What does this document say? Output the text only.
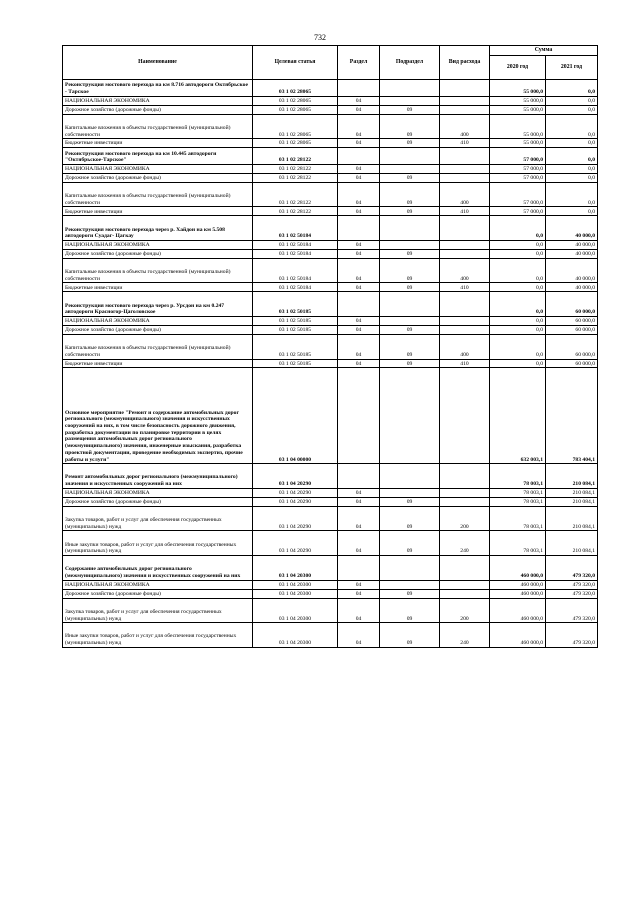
732
Наименование	Целевая статья	Раздел	Подраздел	Вид расхода	Сумма	
					2020 год	2021 год
Реконструкция мостового перехода на км 8.716 автодороги Октябрьское - Тарское	03 1 02 28065				55 000,0	0,0
НАЦИОНАЛЬНАЯ ЭКОНОМИКА	03 1 02 28065	04			55 000,0	0,0
Дорожное хозяйство (дорожные фонды)	03 1 02 28065	04	09		55 000,0	0,0
Капитальные вложения в объекты государственной (муниципальной) собственности	03 1 02 28065	04	09	400	55 000,0	0,0
Бюджетные инвестиции	03 1 02 28065	04	09	410	55 000,0	0,0
Реконструкция мостового перехода на км 10.445 автодороги "Октябрьское-Тарское"	03 1 02 28122				57 000,0	0,0
НАЦИОНАЛЬНАЯ ЭКОНОМИКА	03 1 02 28122	04			57 000,0	0,0
Дорожное хозяйство (дорожные фонды)	03 1 02 28122	04	09		57 000,0	0,0
Капитальные вложения в объекты государственной (муниципальной) собственности	03 1 02 28122	04	09	400	57 000,0	0,0
Бюджетные инвестиции	03 1 02 28122	04	09	410	57 000,0	0,0
Реконструкция мостового перехода через р. Хайдон на км 5.508 автодороги Суадаг- Цагкау	03 1 02 50184				0,0	40 000,0
НАЦИОНАЛЬНАЯ ЭКОНОМИКА	03 1 02 50184	04			0,0	40 000,0
Дорожное хозяйство (дорожные фонды)	03 1 02 50184	04	09		0,0	40 000,0
Капитальные вложения в объекты государственной (муниципальной) собственности	03 1 02 50184	04	09	400	0,0	40 000,0
Бюджетные инвестиции	03 1 02 50184	04	09	410	0,0	40 000,0
Реконструкция мостового перехода через р. Урсдон на км 0.247 автодороги Красногор-Цаголовское	03 1 02 50185				0,0	60 000,0
НАЦИОНАЛЬНАЯ ЭКОНОМИКА	03 1 02 50185	04			0,0	60 000,0
Дорожное хозяйство (дорожные фонды)	03 1 02 50185	04	09		0,0	60 000,0
Капитальные вложения в объекты государственной (муниципальной) собственности	03 1 02 50185	04	09	400	0,0	60 000,0
Бюджетные инвестиции	03 1 02 50185	04	09	410	0,0	60 000,0
Основное мероприятие "Ремонт и содержание автомобильных дорог регионального (межмуниципального) значения и искусственных сооружений на них, в том числе безопасность дорожного движения, разработка документации по планировке территории в целях размещения автомобильных дорог регионального (межмуниципального) значения, инженерные изыскания, разработка проектной документации, проведение необходимых экспертиз, прочие работы и услуги"	03 1 04 00000				632 003,1	783 404,1
Ремонт автомобильных дорог регионального (межмуниципального) значения и искусственных сооружений на них	03 1 04 20290				78 003,1	210 084,1
НАЦИОНАЛЬНАЯ ЭКОНОМИКА	03 1 04 20290	04			78 003,1	210 084,1
Дорожное хозяйство (дорожные фонды)	03 1 04 20290	04	09		78 003,1	210 084,1
Закупка товаров, работ и услуг для обеспечения государственных (муниципальных) нужд	03 1 04 20290	04	09	200	78 003,1	210 084,1
Иные закупки товаров, работ и услуг для обеспечения государственных (муниципальных) нужд	03 1 04 20290	04	09	240	78 003,1	210 084,1
Содержание автомобильных дорог регионального (межмуниципального) значения и искусственных сооружений на них	03 1 04 20300				460 000,0	479 320,0
НАЦИОНАЛЬНАЯ ЭКОНОМИКА	03 1 04 20300	04			460 000,0	479 320,0
Дорожное хозяйство (дорожные фонды)	03 1 04 20300	04	09		460 000,0	479 320,0
Закупка товаров, работ и услуг для обеспечения государственных (муниципальных) нужд	03 1 04 20300	04	09	200	460 000,0	479 320,0
Иные закупки товаров, работ и услуг для обеспечения государственных (муниципальных) нужд	03 1 04 20300	04	09	240	460 000,0	479 320,0
